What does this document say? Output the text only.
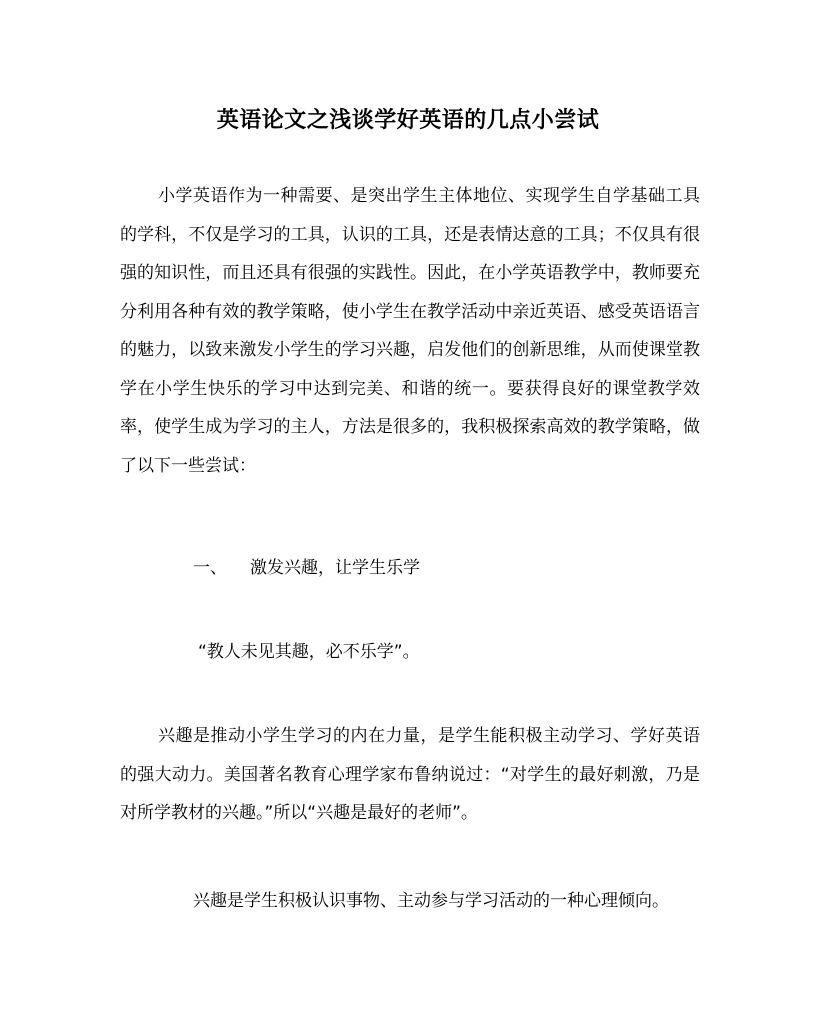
英语论文之浅谈学好英语的几点小尝试

小学英语作为一种需要、是突出学生主体地位、实现学生自学基础工具的学科，不仅是学习的工具，认识的工具，还是表情达意的工具；不仅具有很强的知识性，而且还具有很强的实践性。因此，在小学英语教学中，教师要充分利用各种有效的教学策略，使小学生在教学活动中亲近英语、感受英语语言的魅力，以致来激发小学生的学习兴趣，启发他们的创新思维，从而使课堂教学在小学生快乐的学习中达到完美、和谐的统一。要获得良好的课堂教学效率，使学生成为学习的主人，方法是很多的，我积极探索高效的教学策略，做了以下一些尝试：

一、 激发兴趣，让学生乐学

“教人未见其趣，必不乐学”。

兴趣是推动小学生学习的内在力量，是学生能积极主动学习、学好英语的强大动力。美国著名教育心理学家布鲁纳说过：“对学生的最好刺激，乃是对所学教材的兴趣。”所以“兴趣是最好的老师”。

兴趣是学生积极认识事物、主动参与学习活动的一种心理倾向。
